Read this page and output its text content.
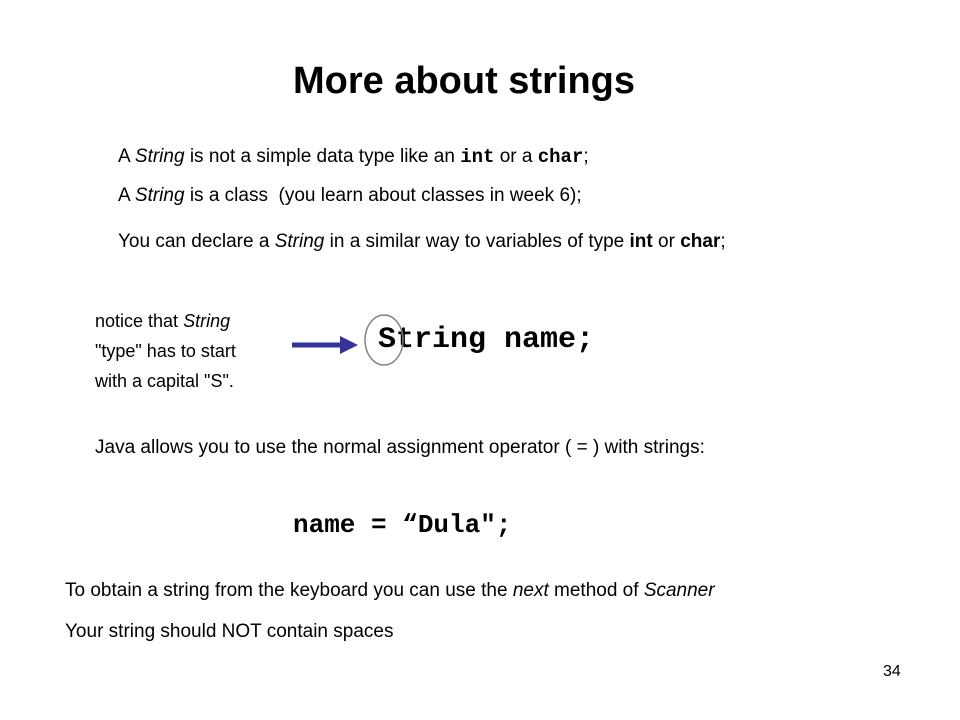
More about strings
A String is not a simple data type like an int or a char;
A String is a class  (you learn about classes in week 6);
You can declare a String in a similar way to variables of type int or char;
notice that String
"type" has to start
with a capital "S".
String name;
Java allows you to use the normal assignment operator ( = ) with strings:
name = “Dula";
To obtain a string from the keyboard you can use the next method of Scanner
Your string should NOT contain spaces
34
